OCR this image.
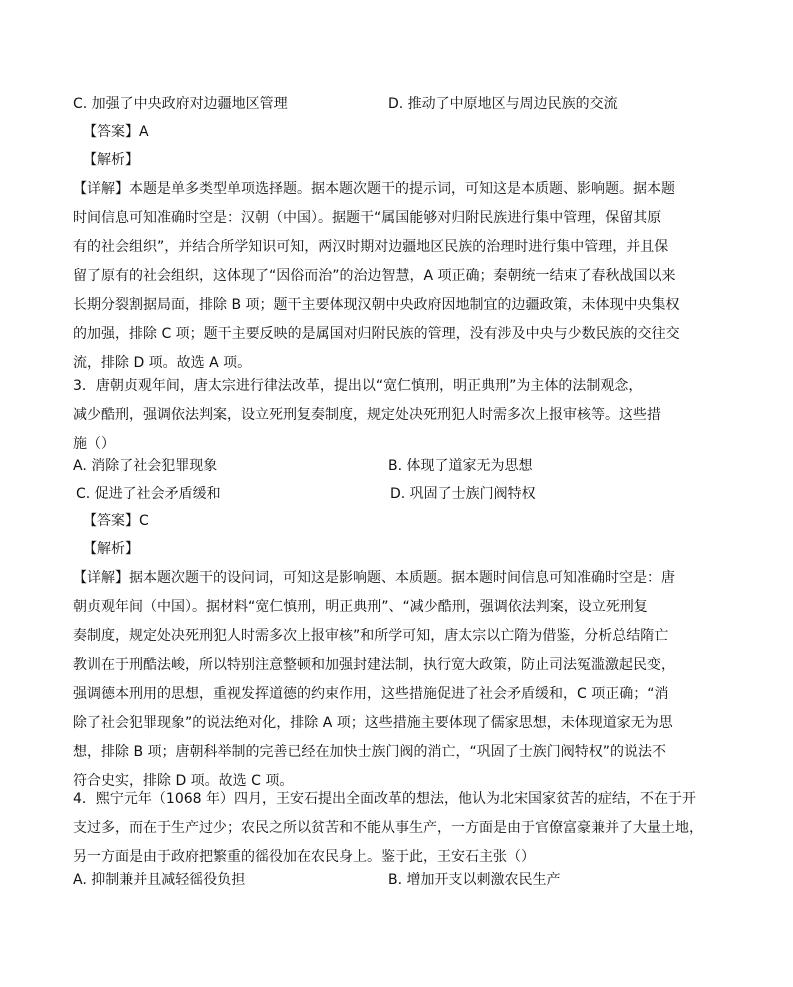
C. 加强了中央政府对边疆地区管理	D. 推动了中原地区与周边民族的交流
【答案】A
【解析】
【详解】本题是单多类型单项选择题。据本题次题干的提示词，可知这是本质题、影响题。据本题
时间信息可知准确时空是：汉朝（中国）。据题干“属国能够对归附民族进行集中管理，保留其原
有的社会组织”，并结合所学知识可知，两汉时期对边疆地区民族的治理时进行集中管理，并且保
留了原有的社会组织，这体现了“因俗而治”的治边智慧，A 项正确；秦朝统一结束了春秋战国以来
长期分裂割据局面，排除 B 项；题干主要体现汉朝中央政府因地制宜的边疆政策，未体现中央集权
的加强，排除 C 项；题干主要反映的是属国对归附民族的管理，没有涉及中央与少数民族的交往交
流，排除 D 项。故选 A 项。
3．唐朝贞观年间，唐太宗进行律法改革，提出以“宽仁慎刑，明正典刑”为主体的法制观念，
减少酷刑，强调依法判案，设立死刑复奏制度，规定处决死刑犯人时需多次上报审核等。这些措
施（）
A. 消除了社会犯罪现象	B. 体现了道家无为思想
C. 促进了社会矛盾缓和	D. 巩固了士族门阀特权
【答案】C
【解析】
【详解】据本题次题干的设问词，可知这是影响题、本质题。据本题时间信息可知准确时空是：唐
朝贞观年间（中国）。据材料“宽仁慎刑，明正典刑”、“减少酷刑，强调依法判案，设立死刑复
奏制度，规定处决死刑犯人时需多次上报审核”和所学可知，唐太宗以亡隋为借鉴，分析总结隋亡
教训在于刑酷法峻，所以特别注意整顿和加强封建法制，执行宽大政策，防止司法冤滥激起民变，
强调德本刑用的思想，重视发挥道德的约束作用，这些措施促进了社会矛盾缓和，C 项正确；“消
除了社会犯罪现象”的说法绝对化，排除 A 项；这些措施主要体现了儒家思想，未体现道家无为思
想，排除 B 项；唐朝科举制的完善已经在加快士族门阀的消亡，“巩固了士族门阀特权”的说法不
符合史实，排除 D 项。故选 C 项。
4．熙宁元年（1068 年）四月，王安石提出全面改革的想法，他认为北宋国家贫苦的症结，不在于开
支过多，而在于生产过少；农民之所以贫苦和不能从事生产，一方面是由于官僚富豪兼并了大量土地，
另一方面是由于政府把繁重的徭役加在农民身上。鉴于此，王安石主张（）
A. 抑制兼并且减轻徭役负担	B. 增加开支以刺激农民生产
